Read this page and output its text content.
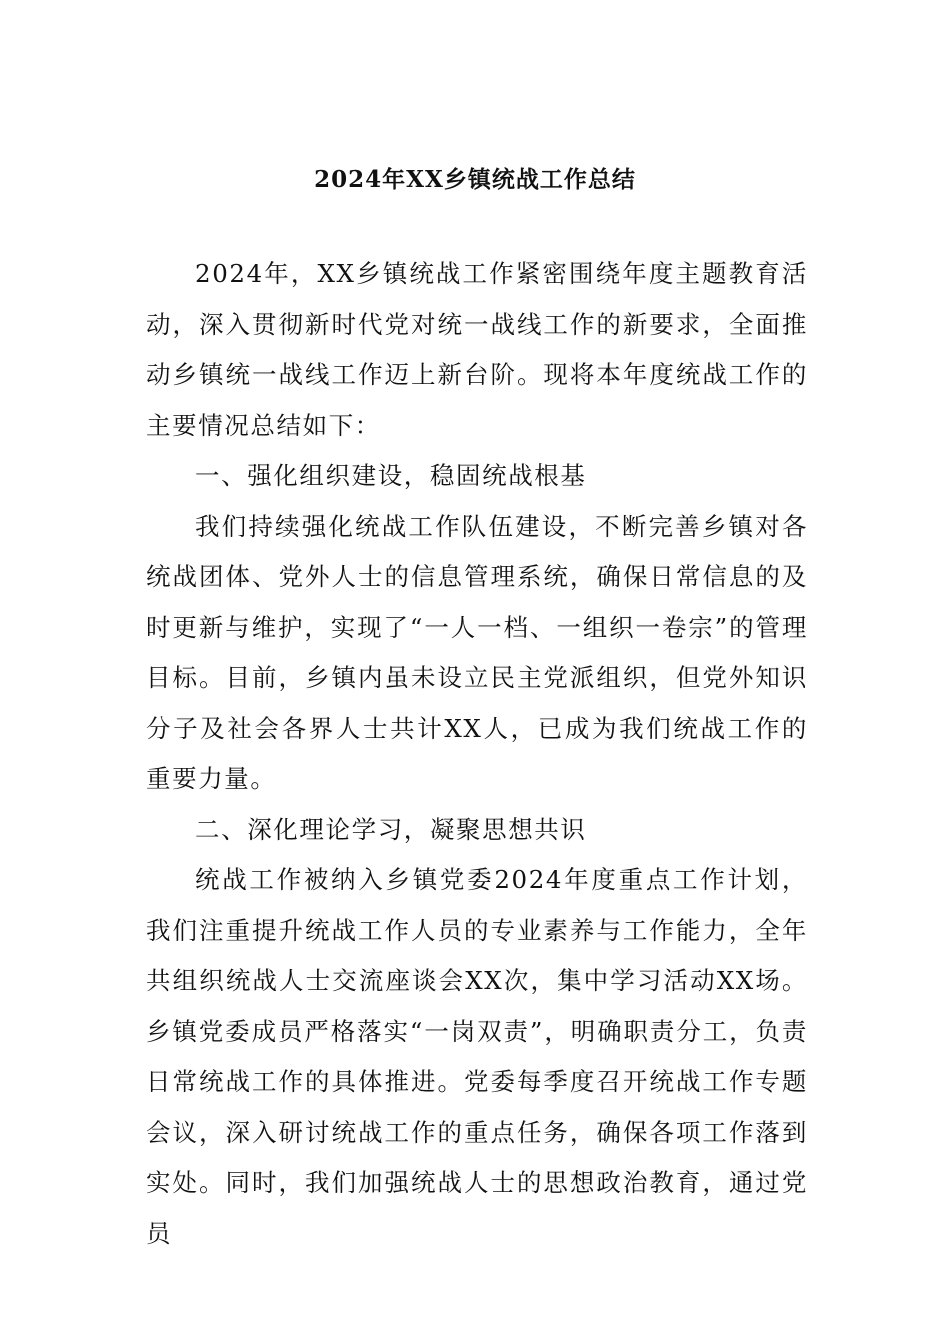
2024年XX乡镇统战工作总结

2024年，XX乡镇统战工作紧密围绕年度主题教育活动，深入贯彻新时代党对统一战线工作的新要求，全面推动乡镇统一战线工作迈上新台阶。现将本年度统战工作的主要情况总结如下：

一、强化组织建设，稳固统战根基

我们持续强化统战工作队伍建设，不断完善乡镇对各统战团体、党外人士的信息管理系统，确保日常信息的及时更新与维护，实现了“一人一档、一组织一卷宗”的管理目标。目前，乡镇内虽未设立民主党派组织，但党外知识分子及社会各界人士共计XX人，已成为我们统战工作的重要力量。

二、深化理论学习，凝聚思想共识

统战工作被纳入乡镇党委2024年度重点工作计划，我们注重提升统战工作人员的专业素养与工作能力，全年共组织统战人士交流座谈会XX次，集中学习活动XX场。乡镇党委成员严格落实“一岗双责”，明确职责分工，负责日常统战工作的具体推进。党委每季度召开统战工作专题会议，深入研讨统战工作的重点任务，确保各项工作落到实处。同时，我们加强统战人士的思想政治教育，通过党员
